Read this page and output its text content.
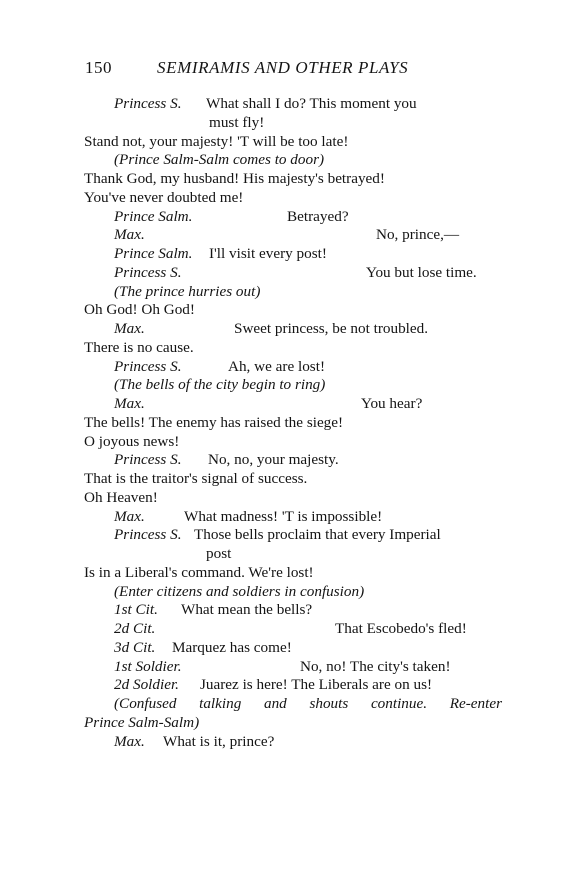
150	SEMIRAMIS AND OTHER PLAYS
Princess S. What shall I do? This moment you
must fly!
Stand not, your majesty! 'T will be too late!
(Prince Salm-Salm comes to door)
Thank God, my husband! His majesty's betrayed!
You've never doubted me!
Prince Salm.	Betrayed?
Max.	No, prince,—
Prince Salm. I'll visit every post!
Princess S.	You but lose time.
(The prince hurries out)
Oh God! Oh God!
Max.	Sweet princess, be not troubled.
There is no cause.
Princess S.	Ah, we are lost!
(The bells of the city begin to ring)
Max.	You hear?
The bells! The enemy has raised the siege!
O joyous news!
Princess S. No, no, your majesty.
That is the traitor's signal of success.
Oh Heaven!
Max.	What madness! 'T is impossible!
Princess S. Those bells proclaim that every Imperial
post
Is in a Liberal's command. We're lost!
(Enter citizens and soldiers in confusion)
1st Cit. What mean the bells?
2d Cit.	That Escobedo's fled!
3d Cit. Marquez has come!
1st Soldier.	No, no! The city's taken!
2d Soldier. Juarez is here! The Liberals are on us!
(Confused talking and shouts continue. Re-enter
Prince Salm-Salm)
Max. What is it, prince?
